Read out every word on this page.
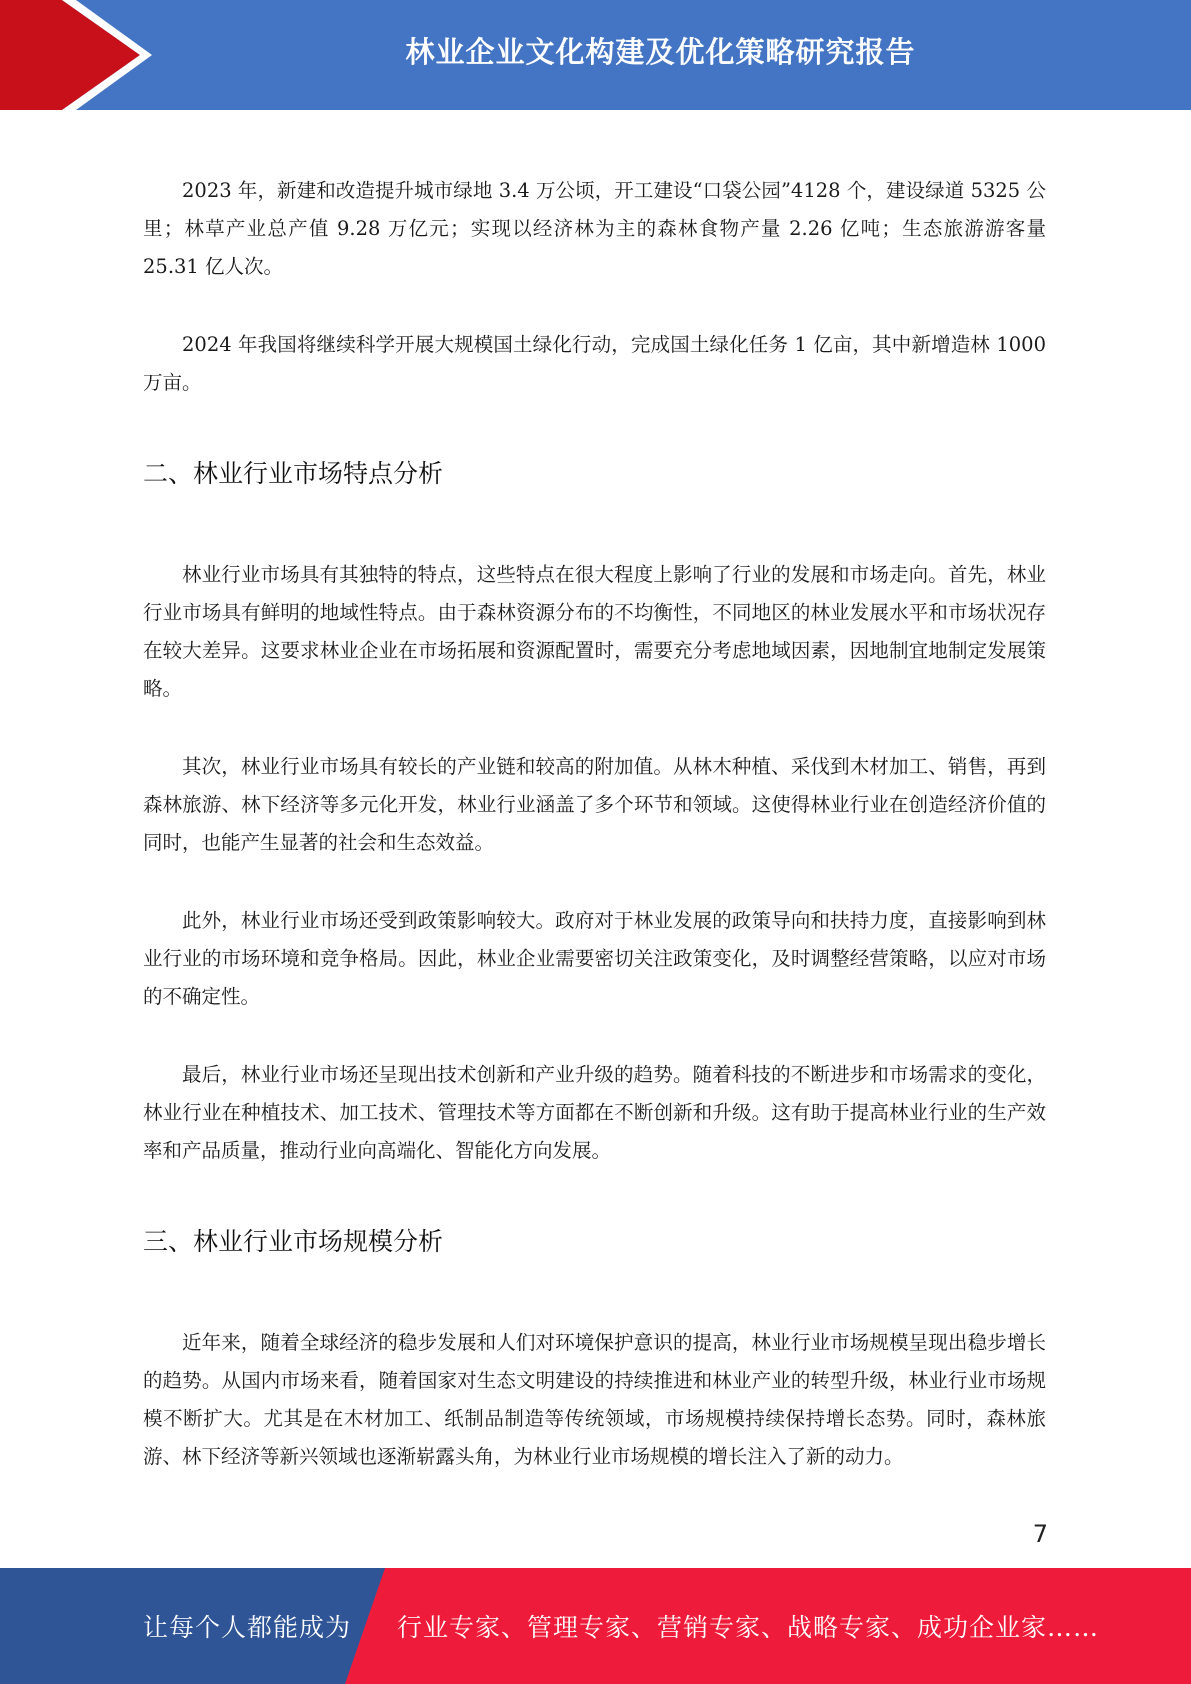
林业企业文化构建及优化策略研究报告

2023 年，新建和改造提升城市绿地 3.4 万公顷，开工建设“口袋公园”4128 个，建设绿道 5325 公里；林草产业总产值 9.28 万亿元；实现以经济林为主的森林食物产量 2.26 亿吨；生态旅游游客量 25.31 亿人次。

2024 年我国将继续科学开展大规模国土绿化行动，完成国土绿化任务 1 亿亩，其中新增造林 1000 万亩。

二、林业行业市场特点分析

林业行业市场具有其独特的特点，这些特点在很大程度上影响了行业的发展和市场走向。首先，林业行业市场具有鲜明的地域性特点。由于森林资源分布的不均衡性，不同地区的林业发展水平和市场状况存在较大差异。这要求林业企业在市场拓展和资源配置时，需要充分考虑地域因素，因地制宜地制定发展策略。

其次，林业行业市场具有较长的产业链和较高的附加值。从林木种植、采伐到木材加工、销售，再到森林旅游、林下经济等多元化开发，林业行业涵盖了多个环节和领域。这使得林业行业在创造经济价值的同时，也能产生显著的社会和生态效益。

此外，林业行业市场还受到政策影响较大。政府对于林业发展的政策导向和扶持力度，直接影响到林业行业的市场环境和竞争格局。因此，林业企业需要密切关注政策变化，及时调整经营策略，以应对市场的不确定性。

最后，林业行业市场还呈现出技术创新和产业升级的趋势。随着科技的不断进步和市场需求的变化，林业行业在种植技术、加工技术、管理技术等方面都在不断创新和升级。这有助于提高林业行业的生产效率和产品质量，推动行业向高端化、智能化方向发展。

三、林业行业市场规模分析

近年来，随着全球经济的稳步发展和人们对环境保护意识的提高，林业行业市场规模呈现出稳步增长的趋势。从国内市场来看，随着国家对生态文明建设的持续推进和林业产业的转型升级，林业行业市场规模不断扩大。尤其是在木材加工、纸制品制造等传统领域，市场规模持续保持增长态势。同时，森林旅游、林下经济等新兴领域也逐渐崭露头角，为林业行业市场规模的增长注入了新的动力。

7
让每个人都能成为 行业专家、管理专家、营销专家、战略专家、成功企业家……
